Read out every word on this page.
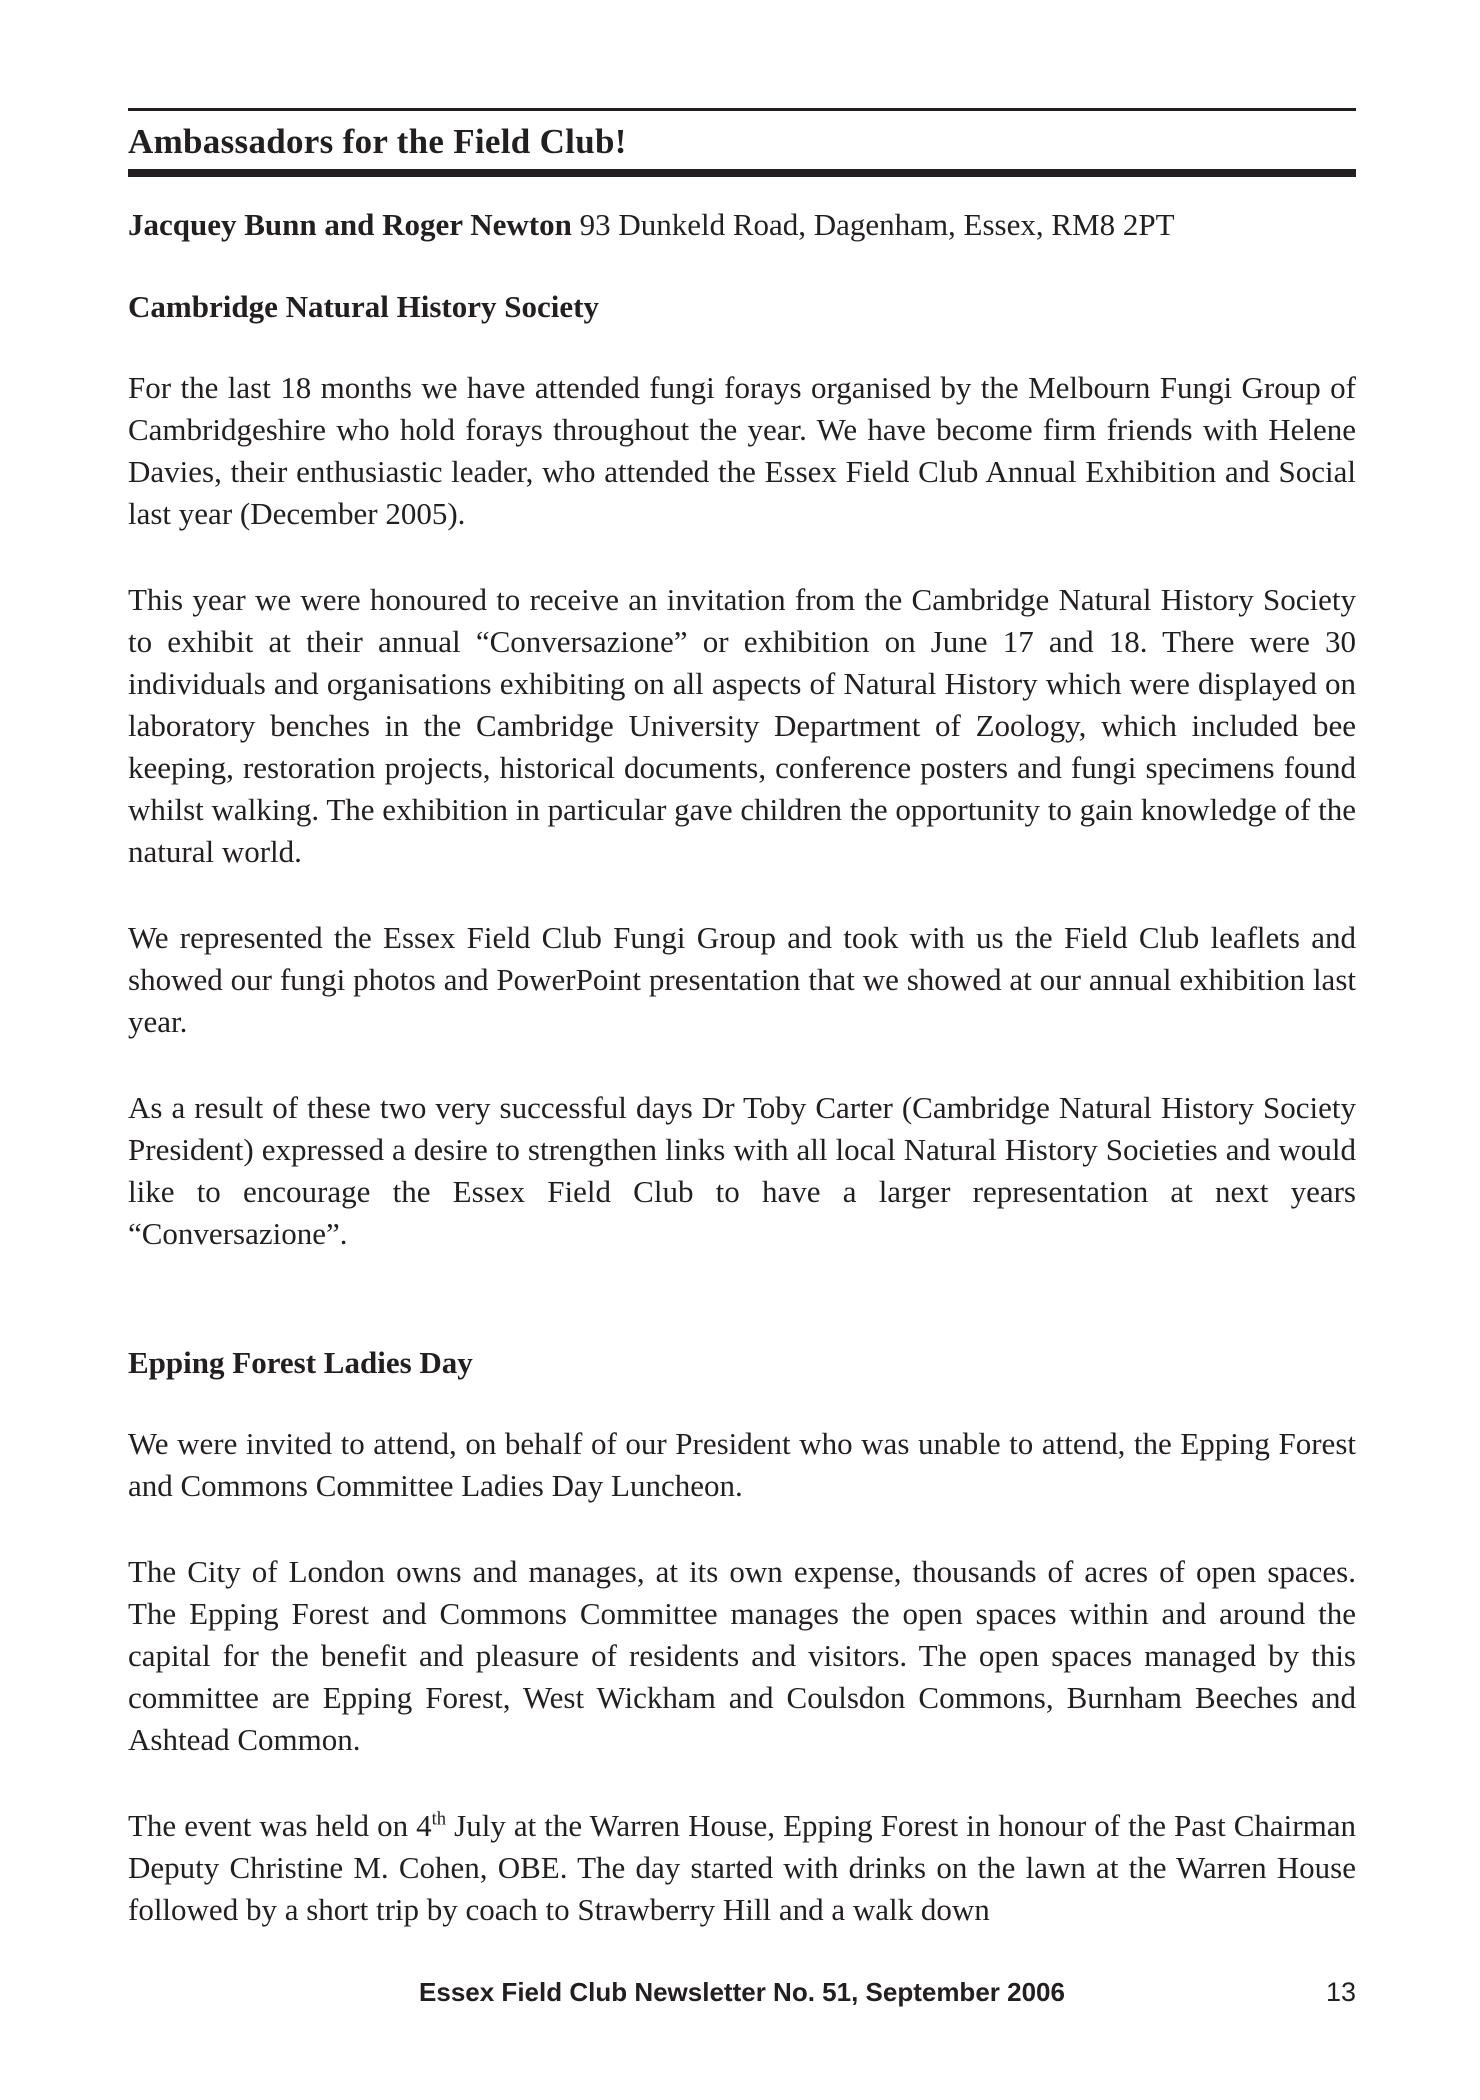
Ambassadors for the Field Club!

Jacquey Bunn and Roger Newton 93 Dunkeld Road, Dagenham, Essex, RM8 2PT

Cambridge Natural History Society

For the last 18 months we have attended fungi forays organised by the Melbourn Fungi Group of Cambridgeshire who hold forays throughout the year. We have become firm friends with Helene Davies, their enthusiastic leader, who attended the Essex Field Club Annual Exhibition and Social last year (December 2005).

This year we were honoured to receive an invitation from the Cambridge Natural History Society to exhibit at their annual “Conversazione” or exhibition on June 17 and 18. There were 30 individuals and organisations exhibiting on all aspects of Natural History which were displayed on laboratory benches in the Cambridge University Department of Zoology, which included bee keeping, restoration projects, historical documents, conference posters and fungi specimens found whilst walking. The exhibition in particular gave children the opportunity to gain knowledge of the natural world.

We represented the Essex Field Club Fungi Group and took with us the Field Club leaflets and showed our fungi photos and PowerPoint presentation that we showed at our annual exhibition last year.

As a result of these two very successful days Dr Toby Carter (Cambridge Natural History Society President) expressed a desire to strengthen links with all local Natural History Societies and would like to encourage the Essex Field Club to have a larger representation at next years “Conversazione”.

Epping Forest Ladies Day

We were invited to attend, on behalf of our President who was unable to attend, the Epping Forest and Commons Committee Ladies Day Luncheon.

The City of London owns and manages, at its own expense, thousands of acres of open spaces. The Epping Forest and Commons Committee manages the open spaces within and around the capital for the benefit and pleasure of residents and visitors. The open spaces managed by this committee are Epping Forest, West Wickham and Coulsdon Commons, Burnham Beeches and Ashtead Common.

The event was held on 4th July at the Warren House, Epping Forest in honour of the Past Chairman Deputy Christine M. Cohen, OBE. The day started with drinks on the lawn at the Warren House followed by a short trip by coach to Strawberry Hill and a walk down

Essex Field Club Newsletter No. 51, September 2006	13
